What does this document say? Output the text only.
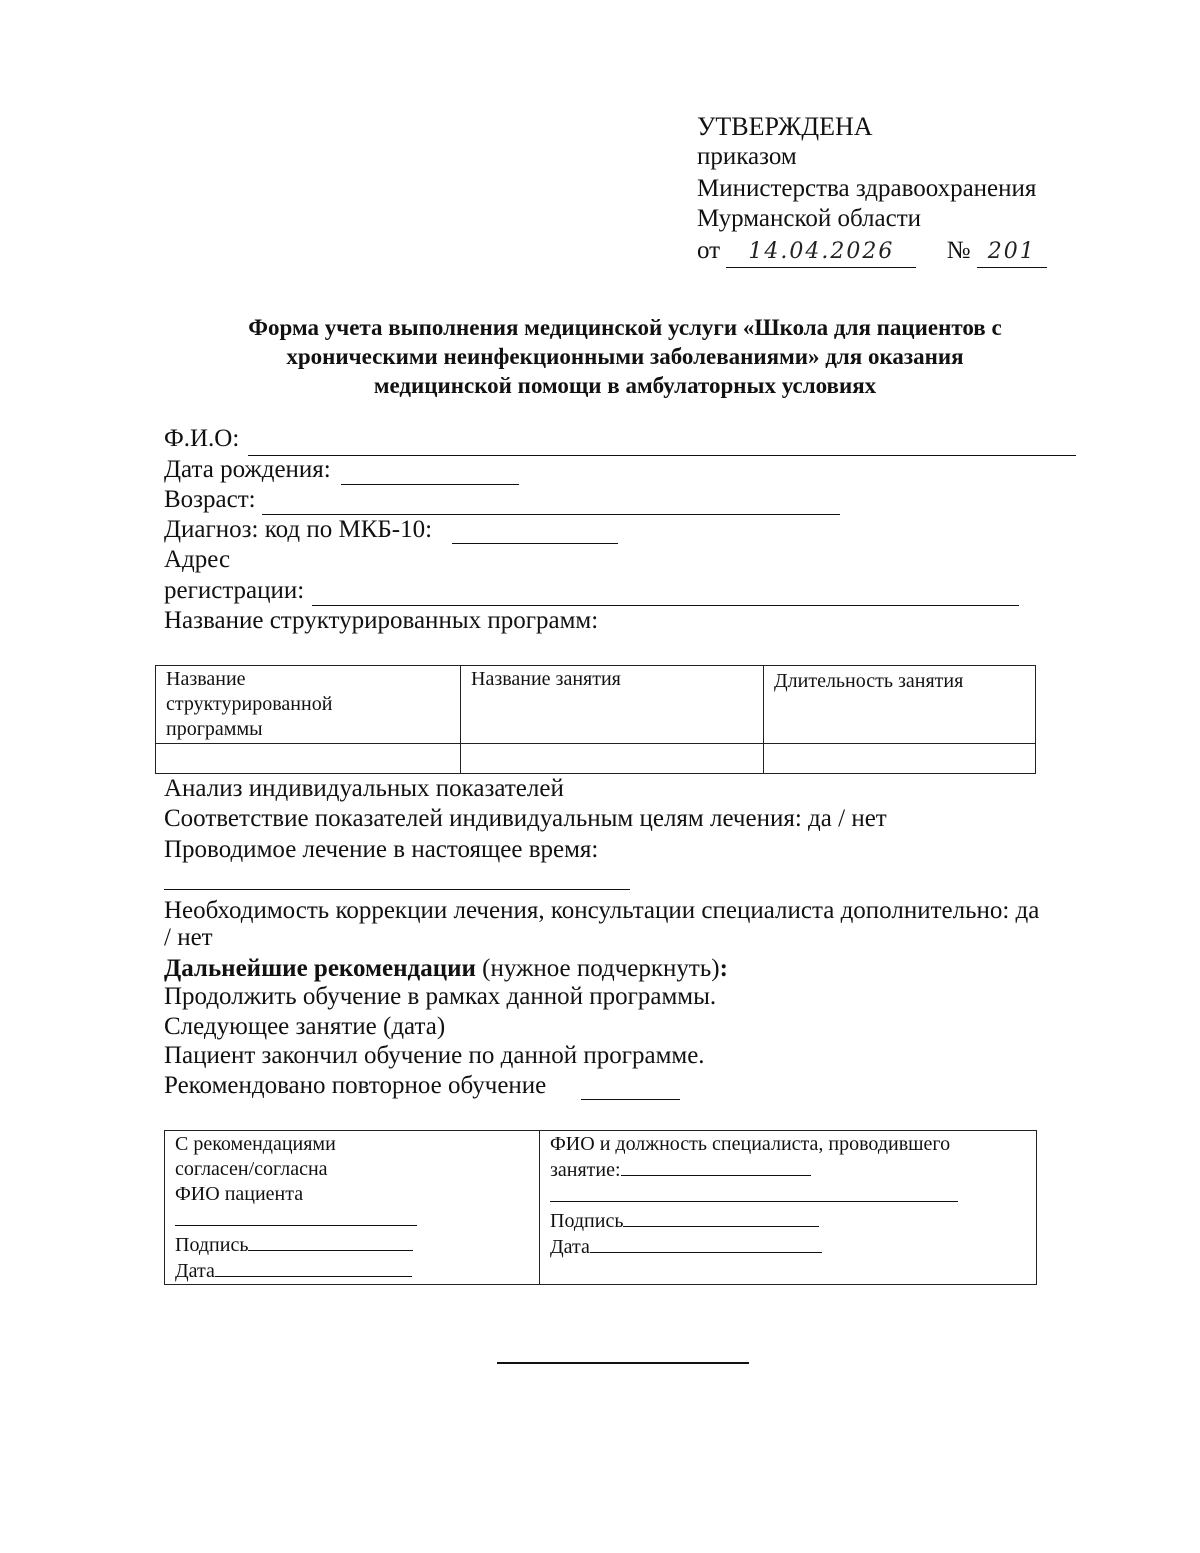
УТВЕРЖДЕНА
приказом
Министерства здравоохранения
Мурманской области
от 14.04.2026 № 201
Форма учета выполнения медицинской услуги «Школа для пациентов с
хроническими неинфекционными заболеваниями» для оказания
медицинской помощи в амбулаторных условиях
Ф.И.О:
Дата рождения:
Возраст:
Диагноз: код по МКБ-10:
Адрес
регистрации:
Название структурированных программ:
Название
структурированной
программы	Название занятия	Длительность занятия

Анализ индивидуальных показателей
Соответствие показателей индивидуальным целям лечения: да / нет
Проводимое лечение в настоящее время:
Необходимость коррекции лечения, консультации специалиста дополнительно: да
/ нет
Дальнейшие рекомендации (нужное подчеркнуть):
Продолжить обучение в рамках данной программы.
Следующее занятие (дата)
Пациент закончил обучение по данной программе.
Рекомендовано повторное обучение
С рекомендациями
согласен/согласна
ФИО пациента
Подпись
Дата

ФИО и должность специалиста, проводившего
занятие:
Подпись
Дата
